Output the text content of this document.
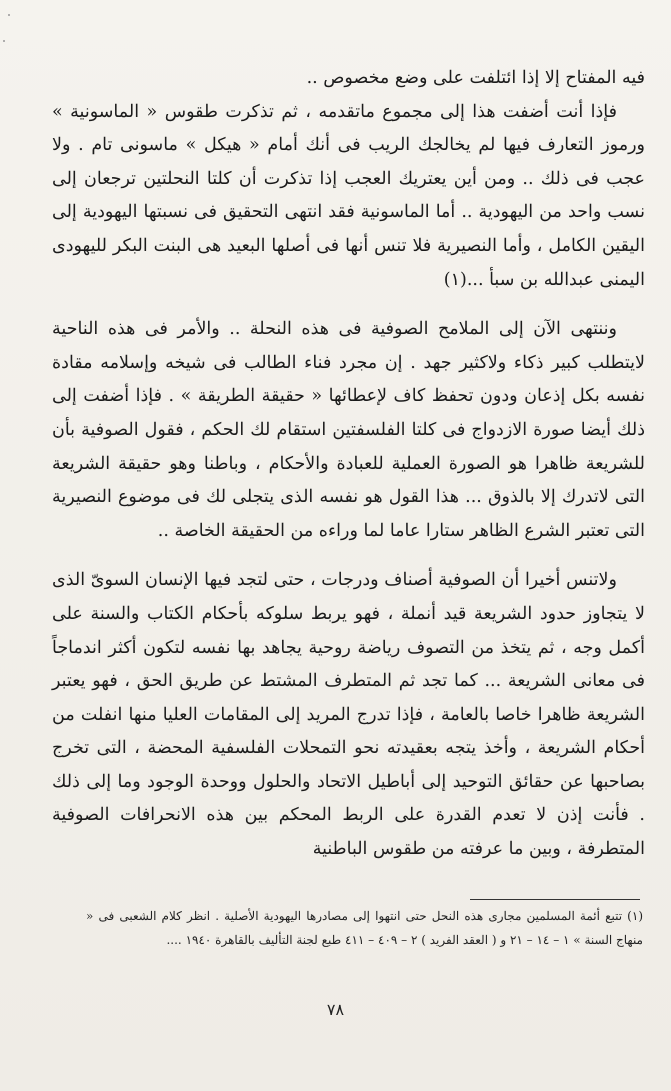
فيه المفتاح إلا إذا ائتلفت على وضع مخصوص ..

فإذا أنت أضفت هذا إلى مجموع ماتقدمه ، ثم تذكرت طقوس « الماسونية » ورموز التعارف فيها لم يخالجك الريب فى أنك أمام « هيكل » ماسونى تام . ولا عجب فى ذلك .. ومن أين يعتريك العجب إذا تذكرت أن كلتا النحلتين ترجعان إلى نسب واحد من اليهودية .. أما الماسونية فقد انتهى التحقيق فى نسبتها اليهودية إلى اليقين الكامل ، وأما النصيرية فلا تنس أنها فى أصلها البعيد هى البنت البكر لليهودى اليمنى عبدالله بن سبأ ...(١)

وننتهى الآن إلى الملامح الصوفية فى هذه النحلة .. والأمر فى هذه الناحية لايتطلب كبير ذكاء ولاكثير جهد . إن مجرد فناء الطالب فى شيخه وإسلامه مقادة نفسه بكل إذعان ودون تحفظ كاف لإعطائها « حقيقة الطريقة » . فإذا أضفت إلى ذلك أيضا صورة الازدواج فى كلتا الفلسفتين استقام لك الحكم ، فقول الصوفية بأن للشريعة ظاهرا هو الصورة العملية للعبادة والأحكام ، وباطنا وهو حقيقة الشريعة التى لاتدرك إلا بالذوق ... هذا القول هو نفسه الذى يتجلى لك فى موضوع النصيرية التى تعتبر الشرع الظاهر ستارا عاما لما وراءه من الحقيقة الخاصة ..

ولاتنس أخيرا أن الصوفية أصناف ودرجات ، حتى لتجد فيها الإنسان السوىّ الذى لا يتجاوز حدود الشريعة قيد أنملة ، فهو يربط سلوكه بأحكام الكتاب والسنة على أكمل وجه ، ثم يتخذ من التصوف رياضة روحية يجاهد بها نفسه لتكون أكثر اندماجاً فى معانى الشريعة ... كما تجد ثم المتطرف المشتط عن طريق الحق ، فهو يعتبر الشريعة ظاهرا خاصا بالعامة ، فإذا تدرج المريد إلى المقامات العليا منها انفلت من أحكام الشريعة ، وأخذ يتجه بعقيدته نحو التمحلات الفلسفية المحضة ، التى تخرج بصاحبها عن حقائق التوحيد إلى أباطيل الاتحاد والحلول ووحدة الوجود وما إلى ذلك . فأنت إذن لا تعدم القدرة على الربط المحكم بين هذه الانحرافات الصوفية المتطرفة ، وبين ما عرفته من طقوس الباطنية

(١) تتبع أئمة المسلمين مجارى هذه النحل حتى انتهوا إلى مصادرها اليهودية الأصلية . انظر كلام الشعبى فى « منهاج السنة » ١ – ١٤ – ٢١ و ( العقد الفريد ) ٢ – ٤٠٩ – ٤١١ طبع لجنة التأليف بالقاهرة ١٩٤٠ ....

٧٨
